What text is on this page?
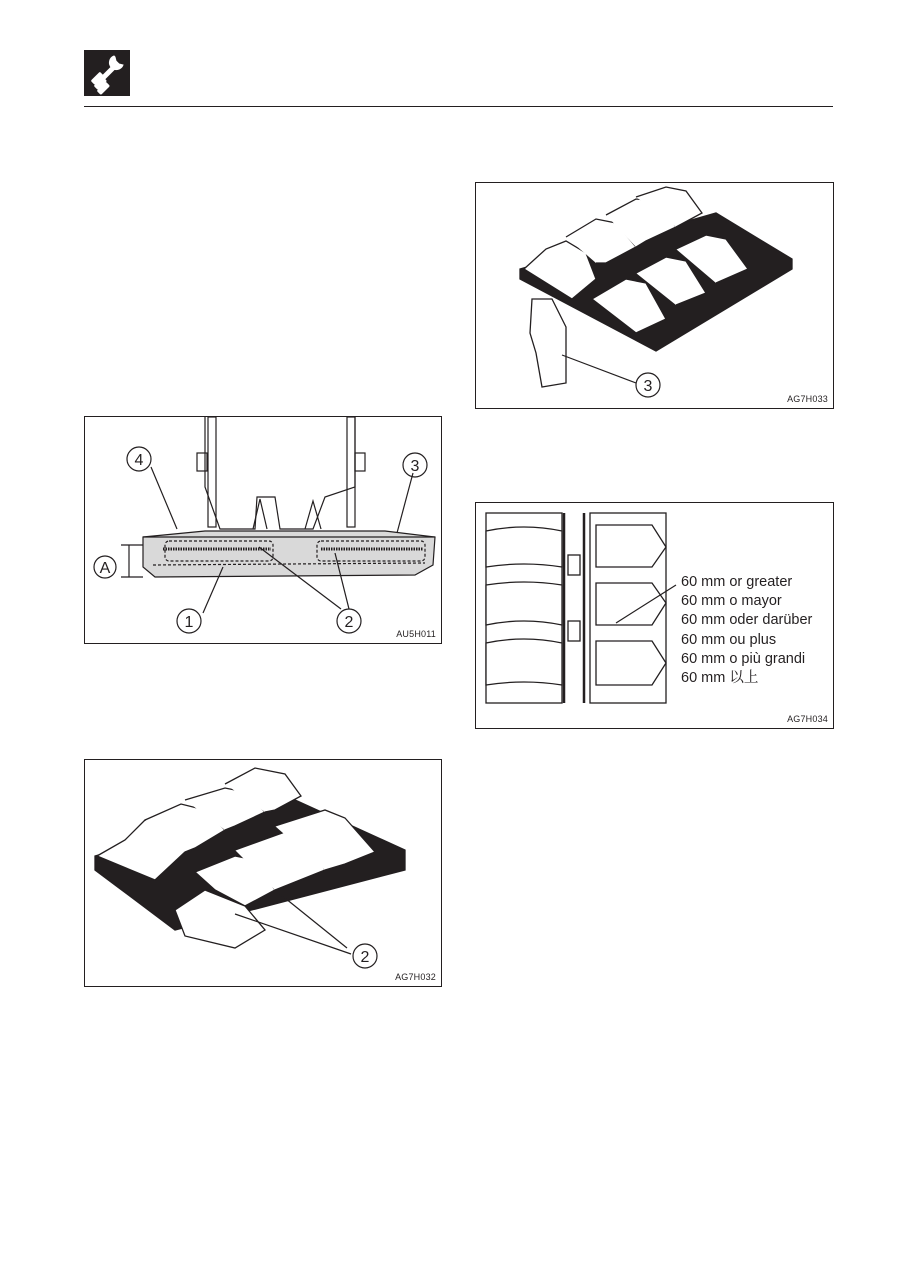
4	3
1	2
A
AU5H011
2
AG7H032
3
AG7H033
60 mm or greater
60 mm o mayor
60 mm oder darüber
60 mm ou plus
60 mm o più grandi
60 mm 以上
AG7H034
